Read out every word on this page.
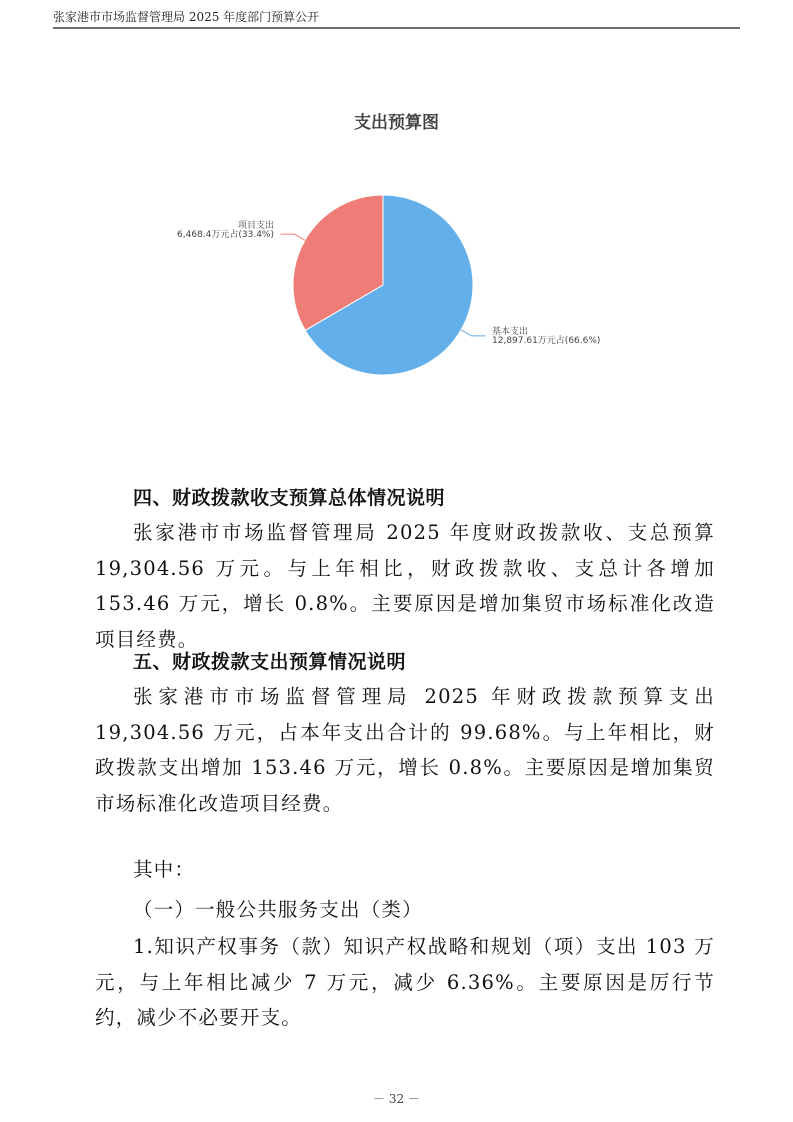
张家港市市场监督管理局 2025 年度部门预算公开
支出预算图
项目支出
6,468.4万元占(33.4%)
基本支出
12,897.61万元占(66.6%)
四、财政拨款收支预算总体情况说明
张家港市市场监督管理局 2025 年度财政拨款收、支总预算 19,304.56 万元。与上年相比，财政拨款收、支总计各增加 153.46 万元，增长 0.8%。主要原因是增加集贸市场标准化改造项目经费。
五、财政拨款支出预算情况说明
张家港市市场监督管理局 2025 年财政拨款预算支出 19,304.56 万元，占本年支出合计的 99.68%。与上年相比，财政拨款支出增加 153.46 万元，增长 0.8%。主要原因是增加集贸市场标准化改造项目经费。
其中：
（一）一般公共服务支出（类）
1.知识产权事务（款）知识产权战略和规划（项）支出 103 万元，与上年相比减少 7 万元，减少 6.36%。主要原因是厉行节约，减少不必要开支。
－ 32 －
